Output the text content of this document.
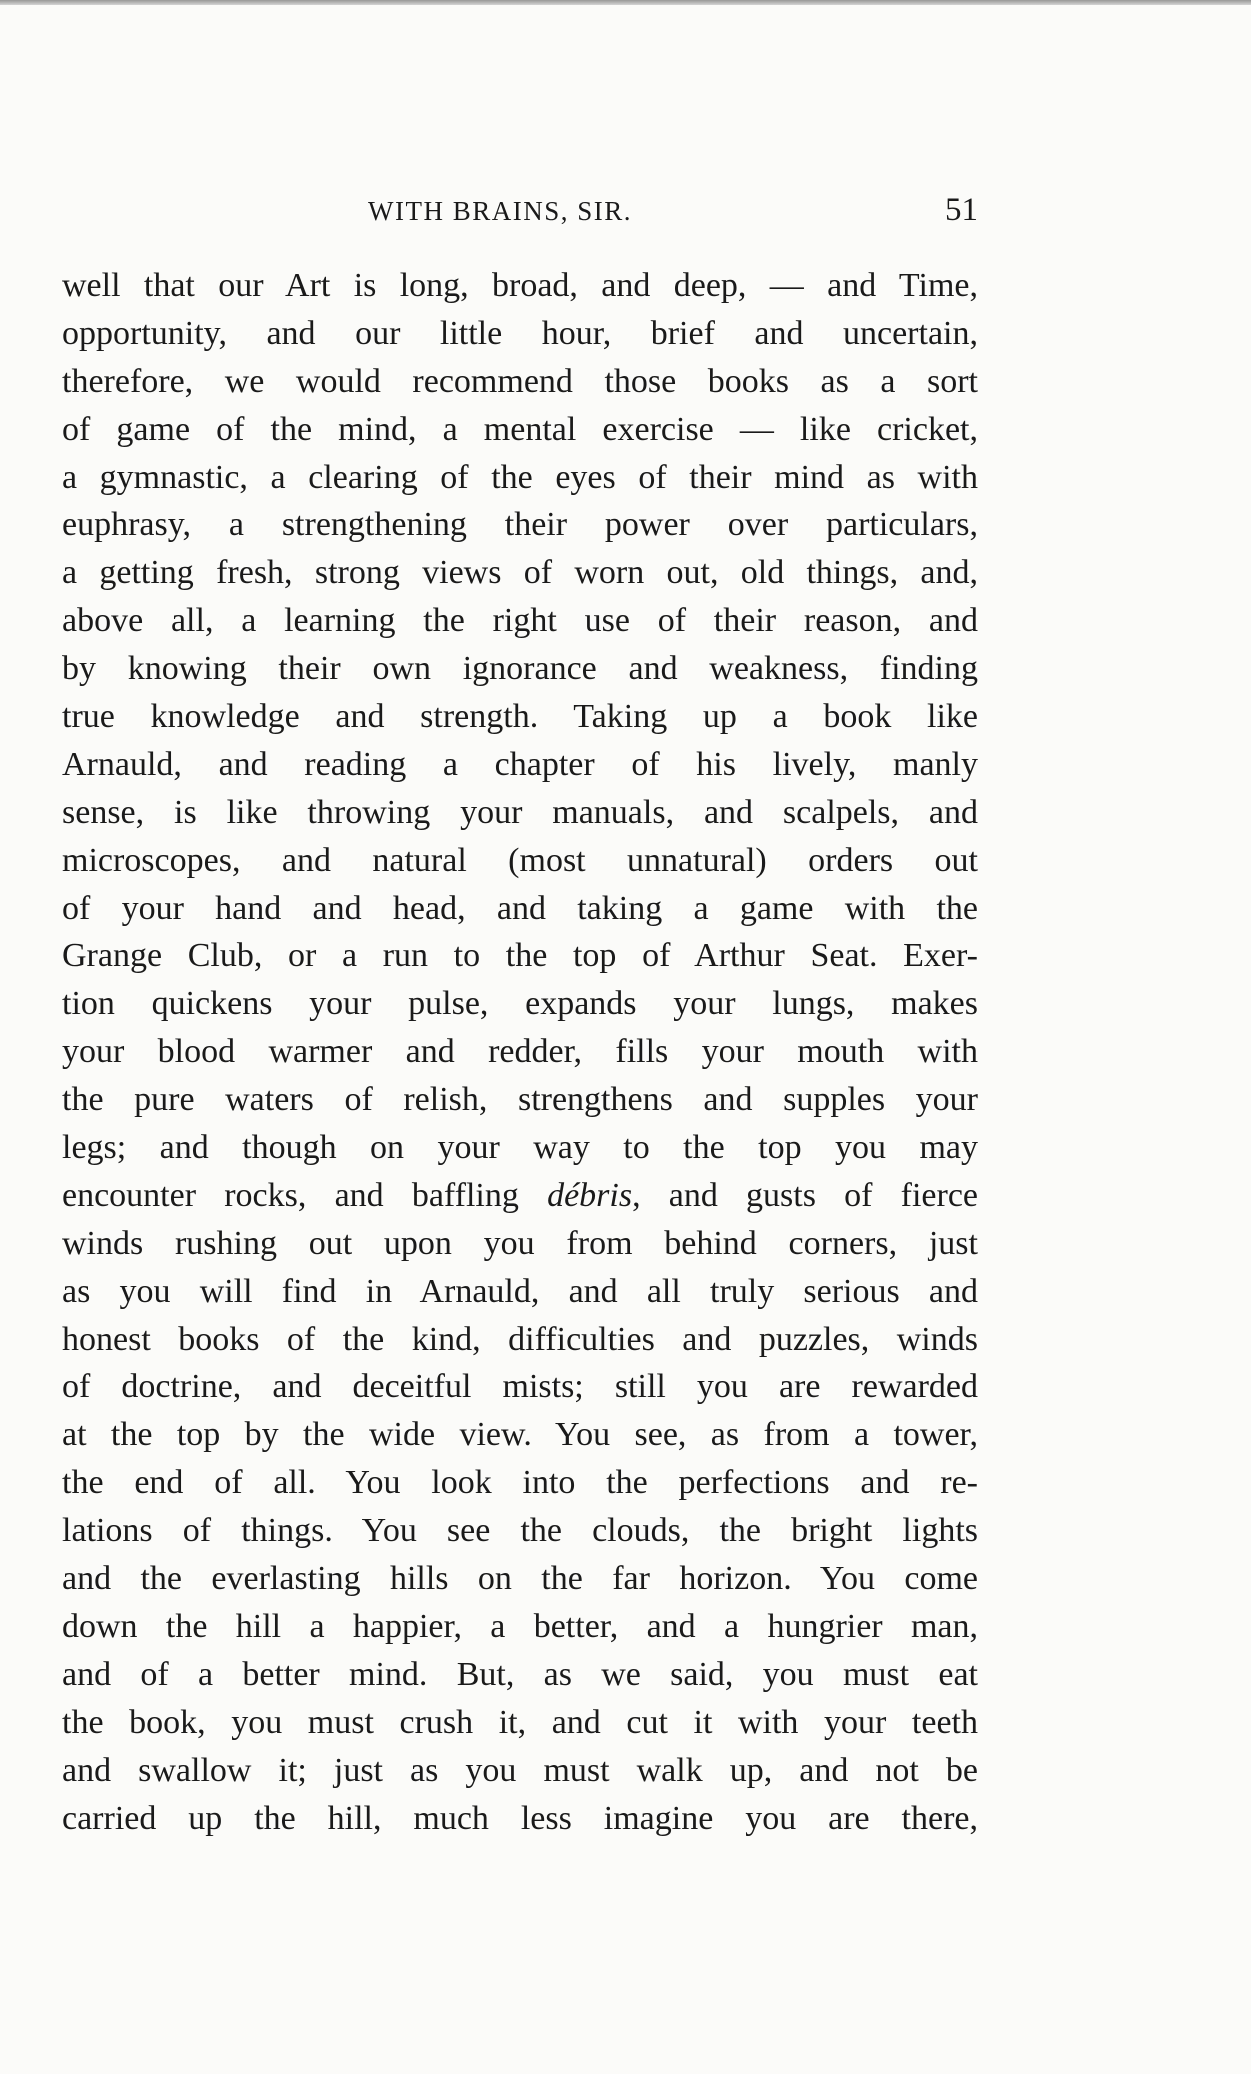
WITH BRAINS, SIR.	51
well that our Art is long, broad, and deep, — and Time,
opportunity, and our little hour, brief and uncertain,
therefore, we would recommend those books as a sort
of game of the mind, a mental exercise — like cricket,
a gymnastic, a clearing of the eyes of their mind as with
euphrasy, a strengthening their power over particulars,
a getting fresh, strong views of worn out, old things, and,
above all, a learning the right use of their reason, and
by knowing their own ignorance and weakness, finding
true knowledge and strength. Taking up a book like
Arnauld, and reading a chapter of his lively, manly
sense, is like throwing your manuals, and scalpels, and
microscopes, and natural (most unnatural) orders out
of your hand and head, and taking a game with the
Grange Club, or a run to the top of Arthur Seat. Exer-
tion quickens your pulse, expands your lungs, makes
your blood warmer and redder, fills your mouth with
the pure waters of relish, strengthens and supples your
legs; and though on your way to the top you may
encounter rocks, and baffling débris, and gusts of fierce
winds rushing out upon you from behind corners, just
as you will find in Arnauld, and all truly serious and
honest books of the kind, difficulties and puzzles, winds
of doctrine, and deceitful mists; still you are rewarded
at the top by the wide view. You see, as from a tower,
the end of all. You look into the perfections and re-
lations of things. You see the clouds, the bright lights
and the everlasting hills on the far horizon. You come
down the hill a happier, a better, and a hungrier man,
and of a better mind. But, as we said, you must eat
the book, you must crush it, and cut it with your teeth
and swallow it; just as you must walk up, and not be
carried up the hill, much less imagine you are there,
